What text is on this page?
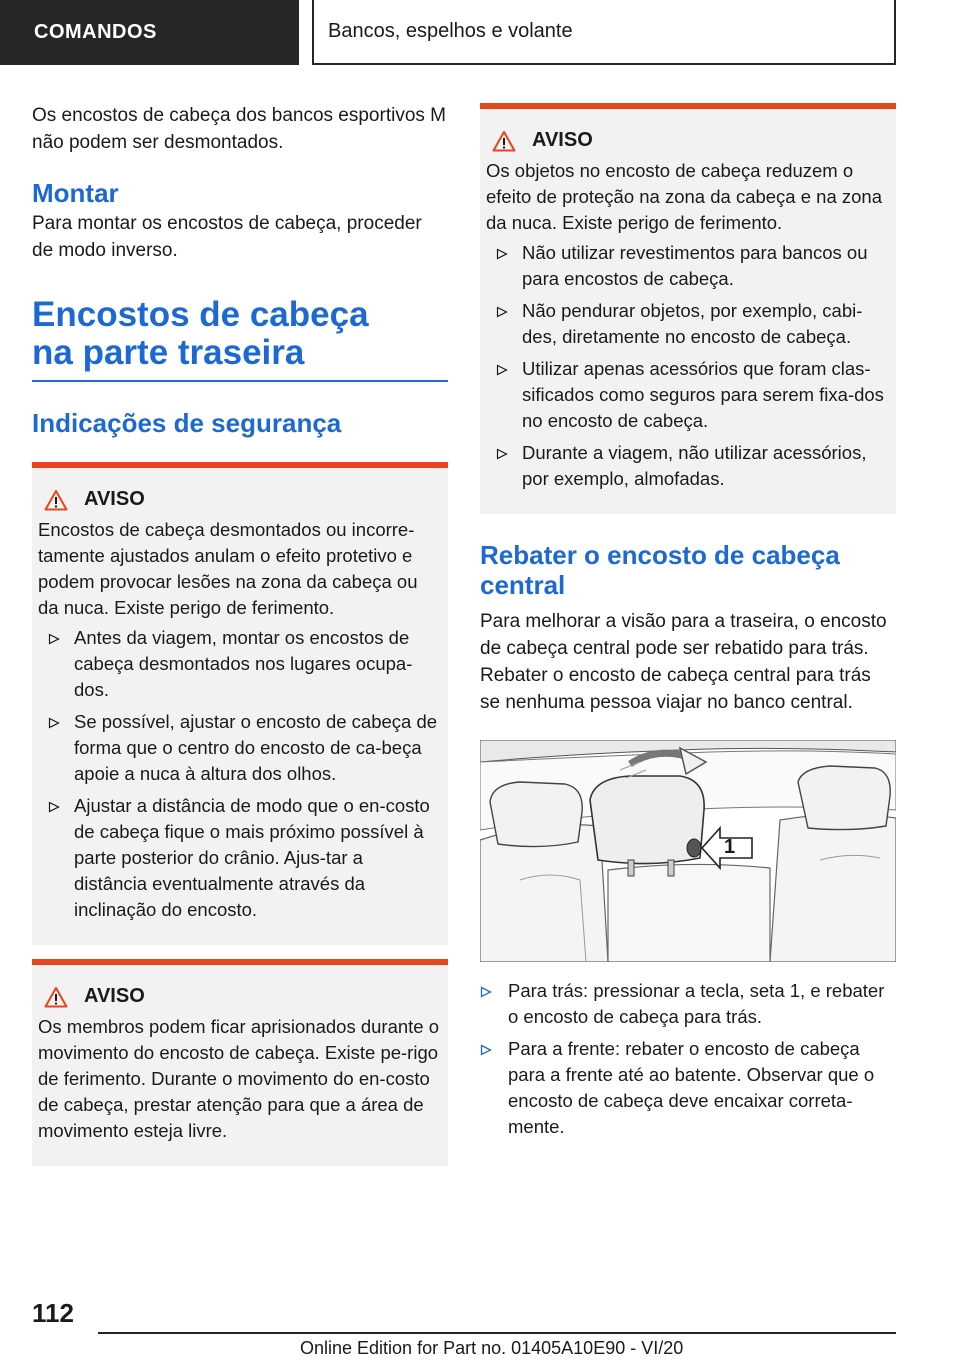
COMANDOS	Bancos, espelhos e volante
Os encostos de cabeça dos bancos esportivos M não podem ser desmontados.
Montar
Para montar os encostos de cabeça, proceder de modo inverso.
Encostos de cabeça na parte traseira
Indicações de segurança
AVISO
Encostos de cabeça desmontados ou incorre-tamente ajustados anulam o efeito protetivo e podem provocar lesões na zona da cabeça ou da nuca. Existe perigo de ferimento.
Antes da viagem, montar os encostos de cabeça desmontados nos lugares ocupa-dos.
Se possível, ajustar o encosto de cabeça de forma que o centro do encosto de ca-beça apoie a nuca à altura dos olhos.
Ajustar a distância de modo que o en-costo de cabeça fique o mais próximo possível à parte posterior do crânio. Ajus-tar a distância eventualmente através da inclinação do encosto.
AVISO
Os membros podem ficar aprisionados durante o movimento do encosto de cabeça. Existe pe-rigo de ferimento. Durante o movimento do en-costo de cabeça, prestar atenção para que a área de movimento esteja livre.
AVISO
Os objetos no encosto de cabeça reduzem o efeito de proteção na zona da cabeça e na zona da nuca. Existe perigo de ferimento.
Não utilizar revestimentos para bancos ou para encostos de cabeça.
Não pendurar objetos, por exemplo, cabi-des, diretamente no encosto de cabeça.
Utilizar apenas acessórios que foram clas-sificados como seguros para serem fixa-dos no encosto de cabeça.
Durante a viagem, não utilizar acessórios, por exemplo, almofadas.
Rebater o encosto de cabeça central
Para melhorar a visão para a traseira, o encosto de cabeça central pode ser rebatido para trás. Rebater o encosto de cabeça central para trás se nenhuma pessoa viajar no banco central.
1
Para trás: pressionar a tecla, seta 1, e rebater o encosto de cabeça para trás.
Para a frente: rebater o encosto de cabeça para a frente até ao batente. Observar que o encosto de cabeça deve encaixar correta-mente.
112
Online Edition for Part no. 01405A10E90 - VI/20
